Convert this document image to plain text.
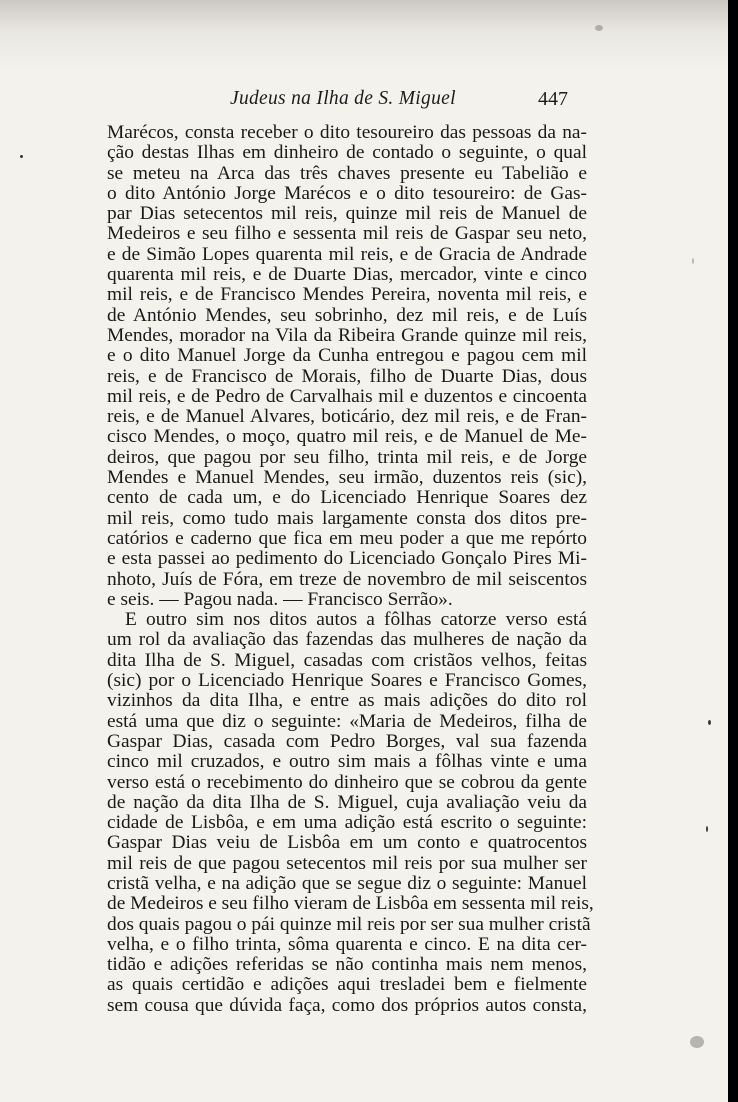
Judeus na Ilha de S. Miguel	447
Marécos, consta receber o dito tesoureiro das pessoas da na-
ção destas Ilhas em dinheiro de contado o seguinte, o qual
se meteu na Arca das três chaves presente eu Tabelião e
o dito António Jorge Marécos e o dito tesoureiro: de Gas-
par Dias setecentos mil reis, quinze mil reis de Manuel de
Medeiros e seu filho e sessenta mil reis de Gaspar seu neto,
e de Simão Lopes quarenta mil reis, e de Gracia de Andrade
quarenta mil reis, e de Duarte Dias, mercador, vinte e cinco
mil reis, e de Francisco Mendes Pereira, noventa mil reis, e
de António Mendes, seu sobrinho, dez mil reis, e de Luís
Mendes, morador na Vila da Ribeira Grande quinze mil reis,
e o dito Manuel Jorge da Cunha entregou e pagou cem mil
reis, e de Francisco de Morais, filho de Duarte Dias, dous
mil reis, e de Pedro de Carvalhais mil e duzentos e cincoenta
reis, e de Manuel Alvares, boticário, dez mil reis, e de Fran-
cisco Mendes, o moço, quatro mil reis, e de Manuel de Me-
deiros, que pagou por seu filho, trinta mil reis, e de Jorge
Mendes e Manuel Mendes, seu irmão, duzentos reis (sic),
cento de cada um, e do Licenciado Henrique Soares dez
mil reis, como tudo mais largamente consta dos ditos pre-
catórios e caderno que fica em meu poder a que me repórto
e esta passei ao pedimento do Licenciado Gonçalo Pires Mi-
nhoto, Juís de Fóra, em treze de novembro de mil seiscentos
e seis. — Pagou nada. — Francisco Serrão».
E outro sim nos ditos autos a fôlhas catorze verso está
um rol da avaliação das fazendas das mulheres de nação da
dita Ilha de S. Miguel, casadas com cristãos velhos, feitas
(sic) por o Licenciado Henrique Soares e Francisco Gomes,
vizinhos da dita Ilha, e entre as mais adições do dito rol
está uma que diz o seguinte: «Maria de Medeiros, filha de
Gaspar Dias, casada com Pedro Borges, val sua fazenda
cinco mil cruzados, e outro sim mais a fôlhas vinte e uma
verso está o recebimento do dinheiro que se cobrou da gente
de nação da dita Ilha de S. Miguel, cuja avaliação veiu da
cidade de Lisbôa, e em uma adição está escrito o seguinte:
Gaspar Dias veiu de Lisbôa em um conto e quatrocentos
mil reis de que pagou setecentos mil reis por sua mulher ser
cristã velha, e na adição que se segue diz o seguinte: Manuel
de Medeiros e seu filho vieram de Lisbôa em sessenta mil reis,
dos quais pagou o pái quinze mil reis por ser sua mulher cristã
velha, e o filho trinta, sôma quarenta e cinco. E na dita cer-
tidão e adições referidas se não continha mais nem menos,
as quais certidão e adições aqui tresladei bem e fielmente
sem cousa que dúvida faça, como dos próprios autos consta,
